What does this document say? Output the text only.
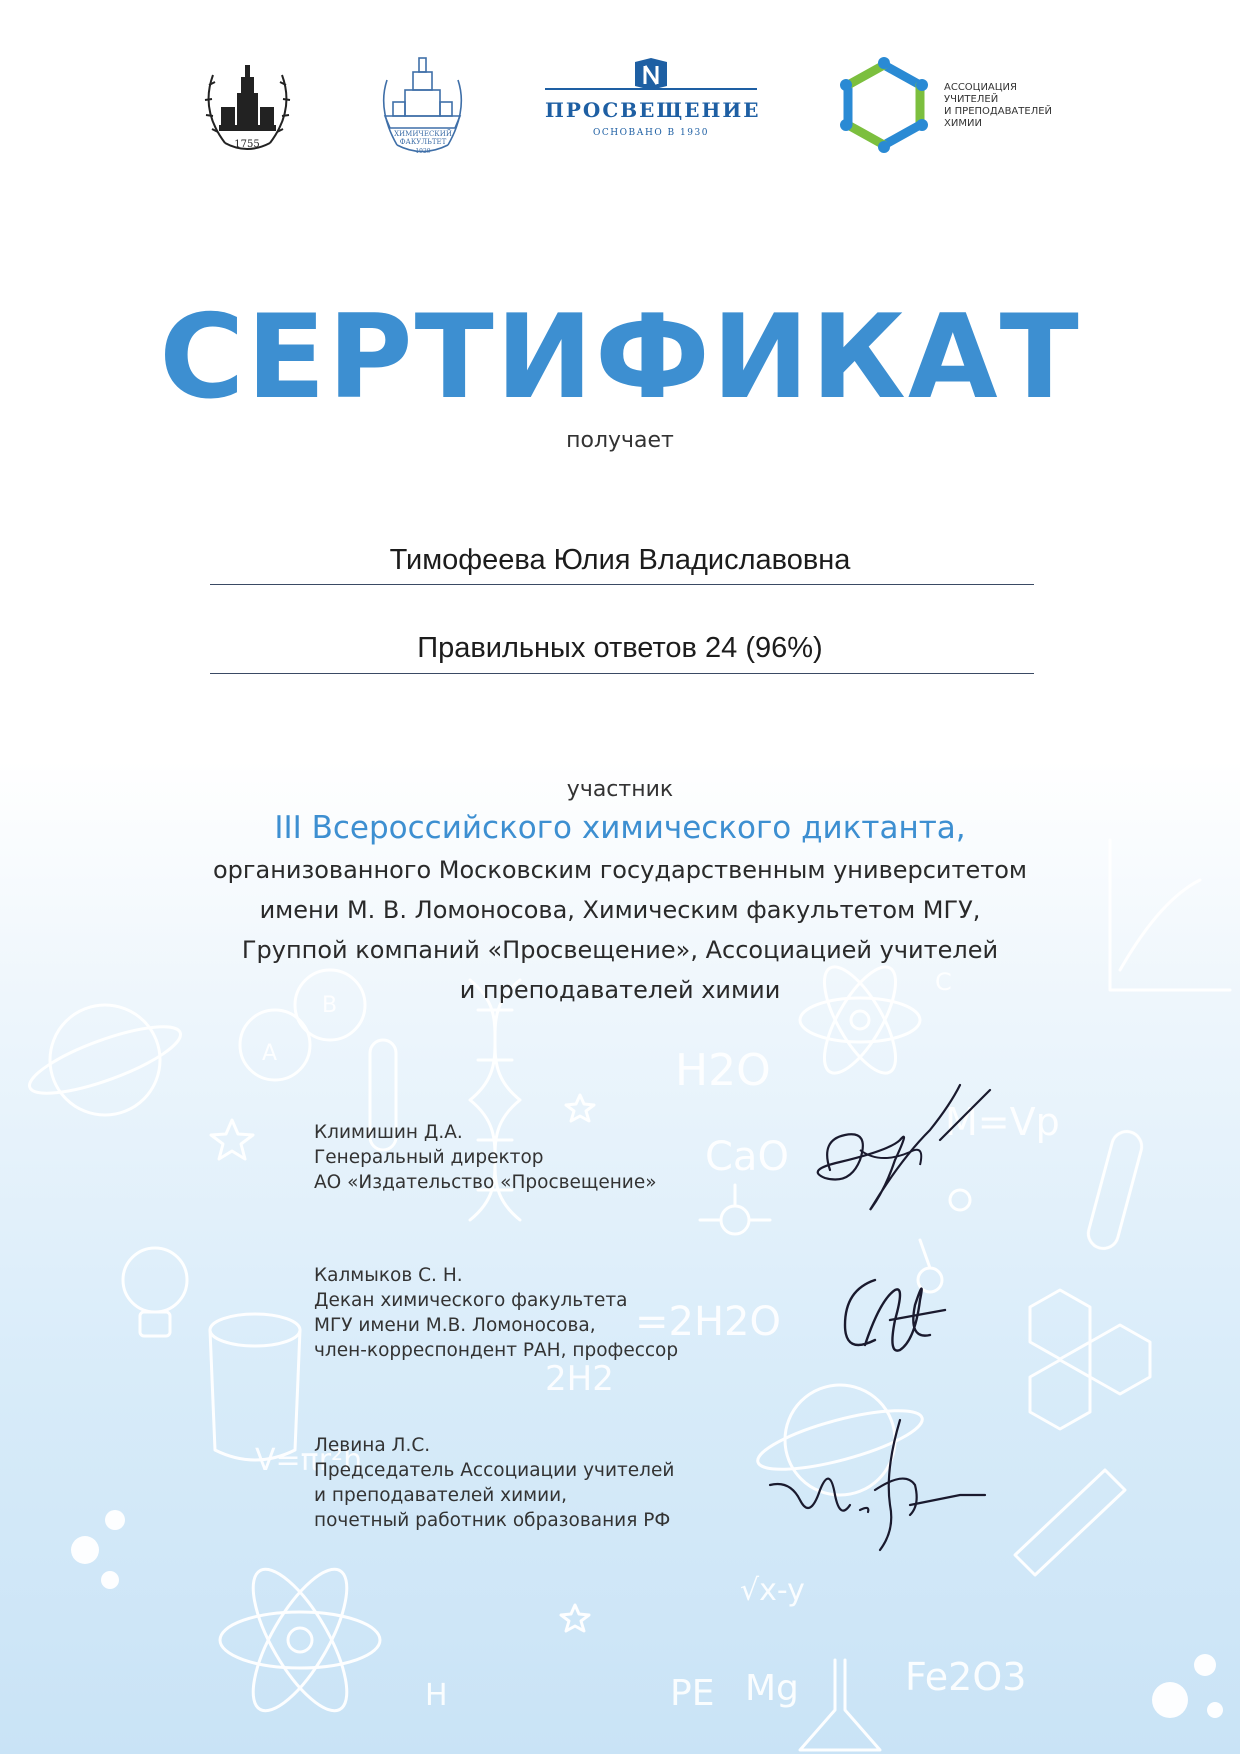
H2O
CaO
M=Vp
=2H2O
2H2
V=πr²h
√x-y
Fe2O3
PE Mg
A
B
C
H
1755
ХИМИЧЕСКИЙ
ФАКУЛЬТЕТ
1929
ПРОСВЕЩЕНИЕ
ОСНОВАНО В 1930
АССОЦИАЦИЯ
УЧИТЕЛЕЙ
И ПРЕПОДАВАТЕЛЕЙ
ХИМИИ
СЕРТИФИКАТ
получает
Тимофеева Юлия Владиславовна
Правильных ответов 24 (96%)
участник
III Всероссийского химического диктанта,
организованного Московским государственным университетом
имени М. В. Ломоносова, Химическим факультетом МГУ,
Группой компаний «Просвещение», Ассоциацией учителей
и преподавателей химии
Климишин Д.А.
Генеральный директор
АО «Издательство «Просвещение»
Калмыков С. Н.
Декан химического факультета
МГУ имени М.В. Ломоносова,
член-корреспондент РАН, профессор
Левина Л.С.
Председатель Ассоциации учителей
и преподавателей химии,
почетный работник образования РФ
